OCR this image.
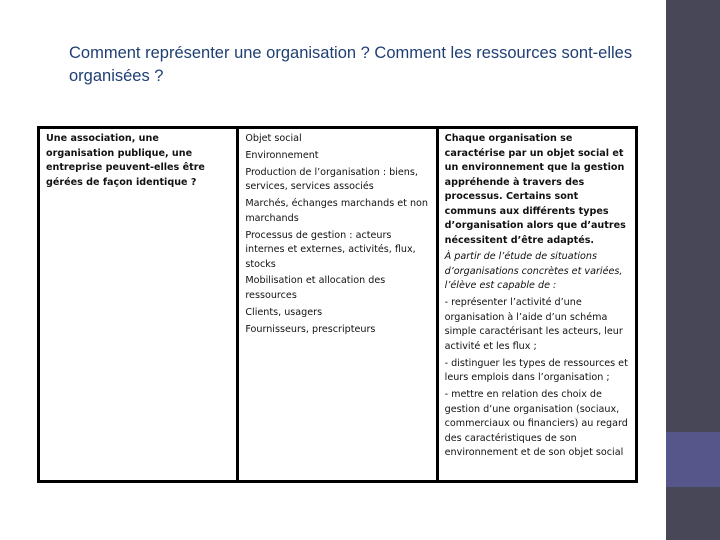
Comment représenter une organisation ? Comment les ressources sont-elles organisées ?
Une association, une organisation publique, une entreprise peuvent-elles être gérées de façon identique ?

Objet social
Environnement
Production de l’organisation : biens, services, services associés
Marchés, échanges marchands et non marchands
Processus de gestion : acteurs internes et externes, activités, flux, stocks
Mobilisation et allocation des ressources
Clients, usagers
Fournisseurs, prescripteurs

Chaque organisation se caractérise par un objet social et un environnement que la gestion appréhende à travers des processus. Certains sont communs aux différents types d’organisation alors que d’autres nécessitent d’être adaptés.
À partir de l’étude de situations d’organisations concrètes et variées, l’élève est capable de :
- représenter l’activité d’une organisation à l’aide d’un schéma simple caractérisant les acteurs, leur activité et les flux ;
- distinguer les types de ressources et leurs emplois dans l’organisation ;
- mettre en relation des choix de gestion d’une organisation (sociaux, commerciaux ou financiers) au regard des caractéristiques de son environnement et de son objet social
